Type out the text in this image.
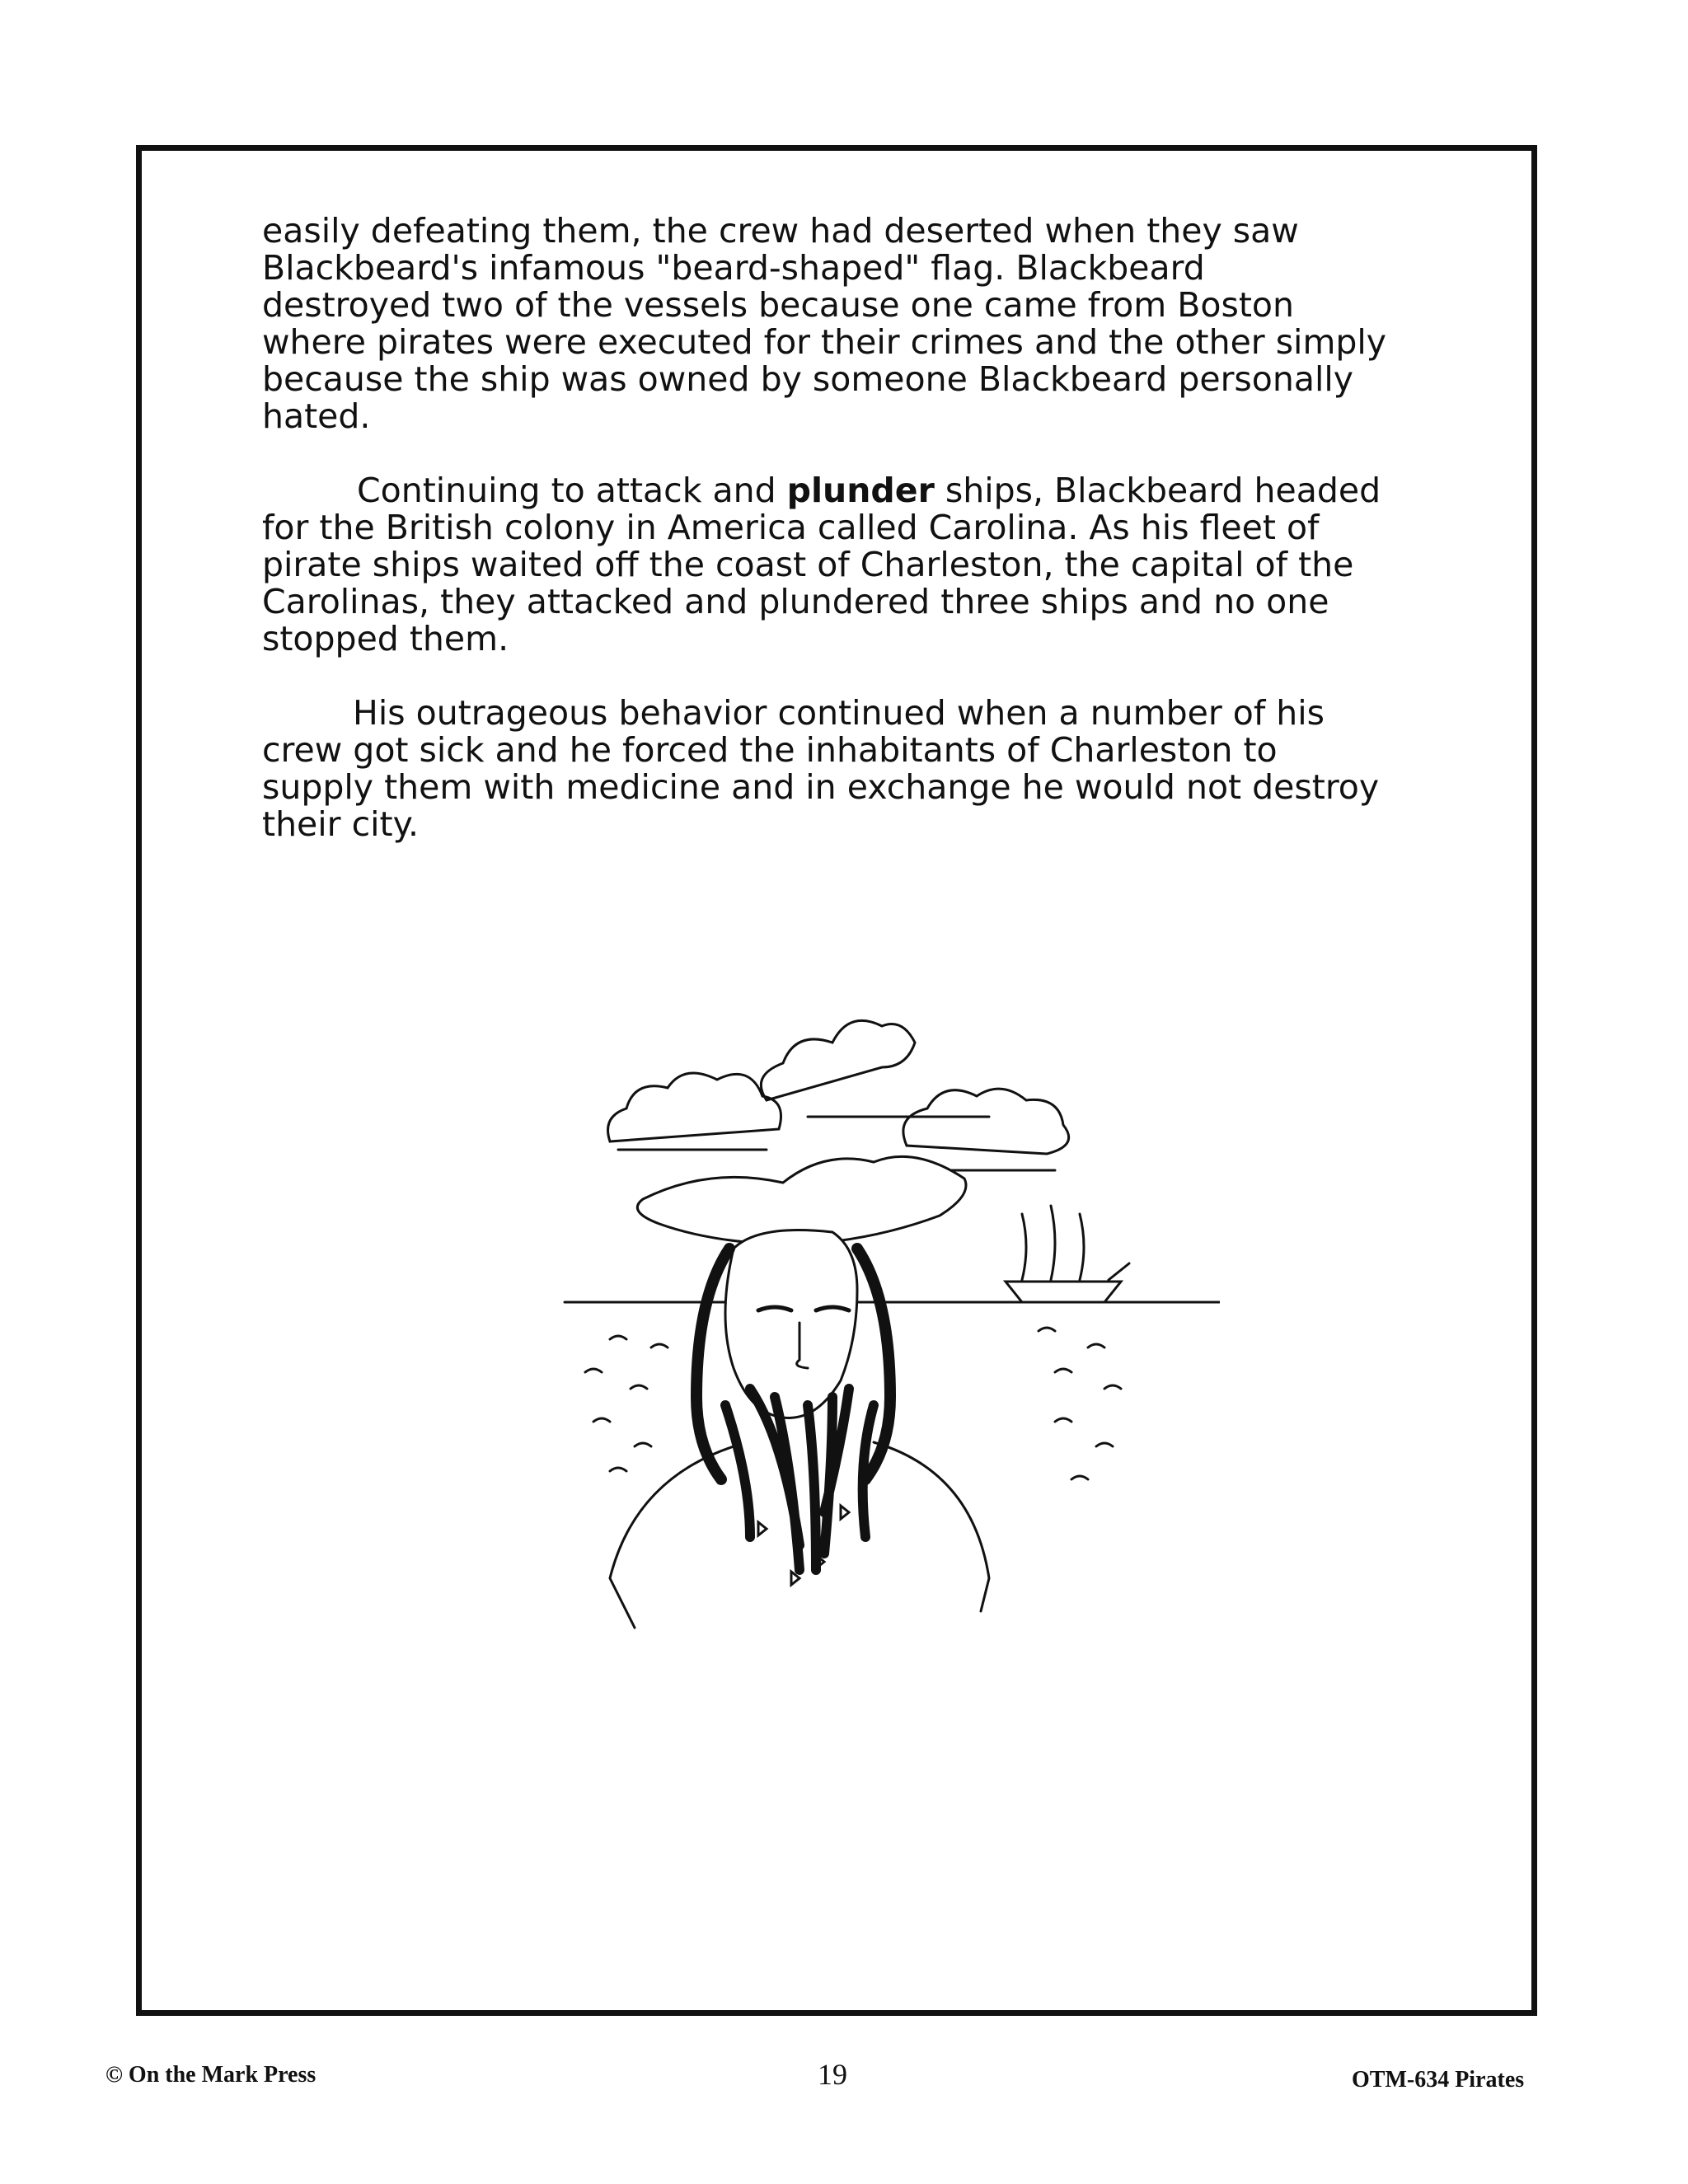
easily defeating them, the crew had deserted when they saw
Blackbeard's infamous "beard-shaped" flag. Blackbeard
destroyed two of the vessels because one came from Boston
where pirates were executed for their crimes and the other simply
because the ship was owned by someone Blackbeard personally
hated.
Continuing to attack and plunder ships, Blackbeard headed
for the British colony in America called Carolina. As his fleet of
pirate ships waited off the coast of Charleston, the capital of the
Carolinas, they attacked and plundered three ships and no one
stopped them.
His outrageous behavior continued when a number of his
crew got sick and he forced the inhabitants of Charleston to
supply them with medicine and in exchange he would not destroy
their city.
© On the Mark Press	19	OTM-634 Pirates
